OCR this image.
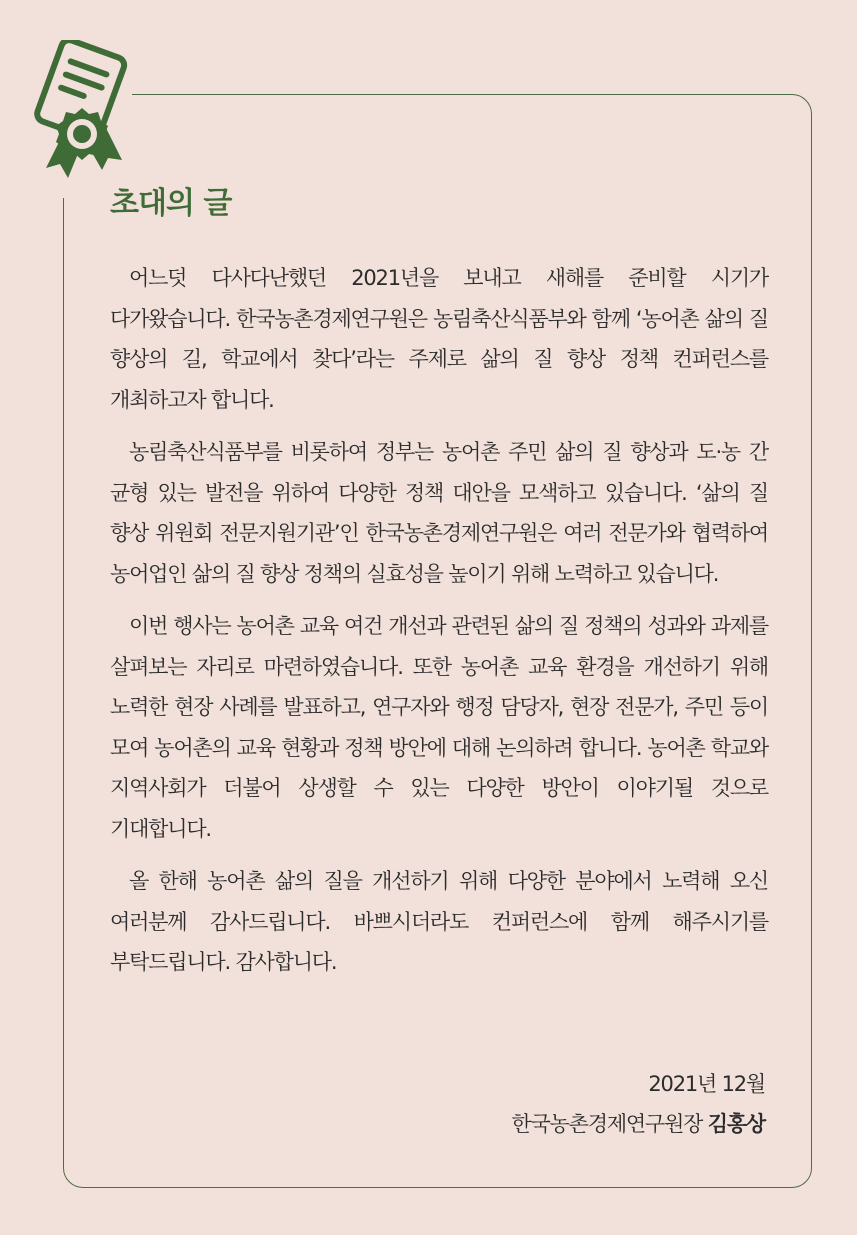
초대의 글

어느덧 다사다난했던 2021년을 보내고 새해를 준비할 시기가 다가왔습니다. 한국농촌경제연구원은 농림축산식품부와 함께 ‘농어촌 삶의 질 향상의 길, 학교에서 찾다’라는 주제로 삶의 질 향상 정책 컨퍼런스를 개최하고자 합니다.

농림축산식품부를 비롯하여 정부는 농어촌 주민 삶의 질 향상과 도·농 간 균형 있는 발전을 위하여 다양한 정책 대안을 모색하고 있습니다. ‘삶의 질 향상 위원회 전문지원기관’인 한국농촌경제연구원은 여러 전문가와 협력하여 농어업인 삶의 질 향상 정책의 실효성을 높이기 위해 노력하고 있습니다.

이번 행사는 농어촌 교육 여건 개선과 관련된 삶의 질 정책의 성과와 과제를 살펴보는 자리로 마련하였습니다. 또한 농어촌 교육 환경을 개선하기 위해 노력한 현장 사례를 발표하고, 연구자와 행정 담당자, 현장 전문가, 주민 등이 모여 농어촌의 교육 현황과 정책 방안에 대해 논의하려 합니다. 농어촌 학교와 지역사회가 더불어 상생할 수 있는 다양한 방안이 이야기될 것으로 기대합니다.

올 한해 농어촌 삶의 질을 개선하기 위해 다양한 분야에서 노력해 오신 여러분께 감사드립니다. 바쁘시더라도 컨퍼런스에 함께 해주시기를 부탁드립니다. 감사합니다.

2021년 12월
한국농촌경제연구원장 김홍상
